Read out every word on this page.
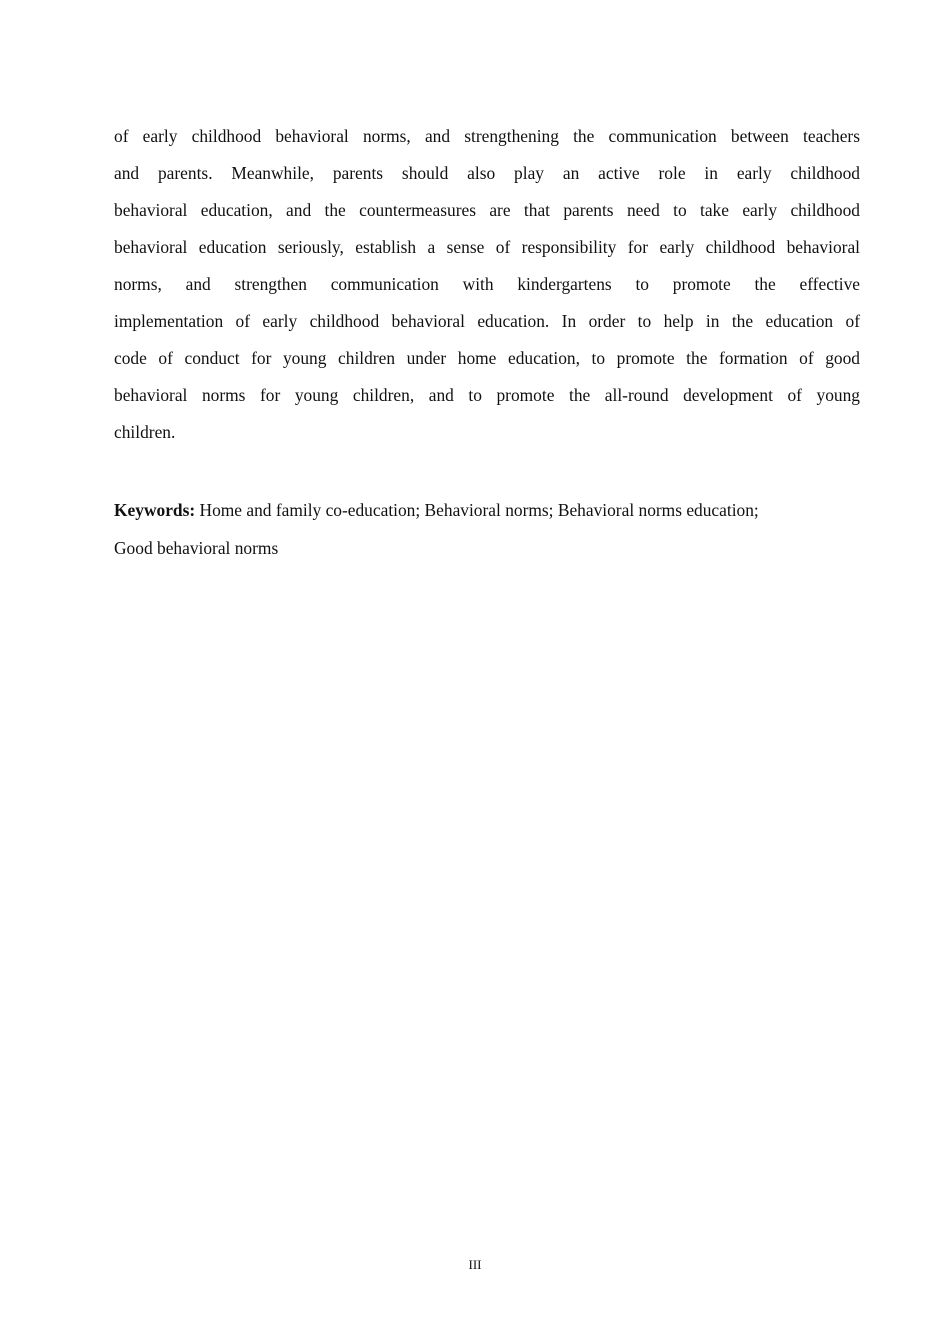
of early childhood behavioral norms, and strengthening the communication between teachers
and parents. Meanwhile, parents should also play an active role in early childhood
behavioral education, and the countermeasures are that parents need to take early childhood
behavioral education seriously, establish a sense of responsibility for early childhood behavioral
norms, and strengthen communication with kindergartens to promote the effective
implementation of early childhood behavioral education. In order to help in the education of
code of conduct for young children under home education, to promote the formation of good
behavioral norms for young children, and to promote the all-round development of young
children.
Keywords: Home and family co-education; Behavioral norms; Behavioral norms education;
Good behavioral norms
III
